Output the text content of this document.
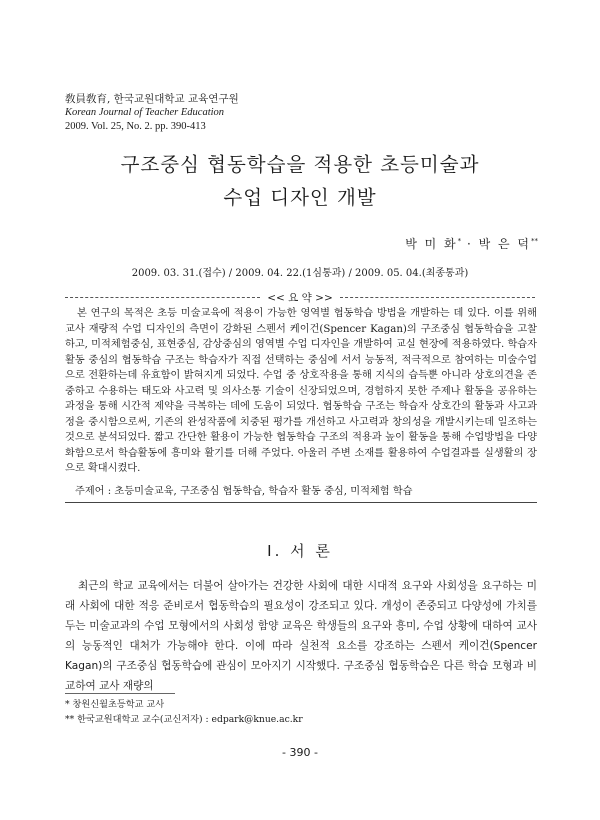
敎員敎育, 한국교원대학교 교육연구원
Korean Journal of Teacher Education
2009. Vol. 25, No. 2. pp. 390-413
구조중심 협동학습을 적용한 초등미술과
수업 디자인 개발
박 미 화* · 박 은 덕**
2009. 03. 31.(접수) / 2009. 04. 22.(1심통과) / 2009. 05. 04.(최종통과)
<< 요 약 >>

본 연구의 목적은 초등 미술교육에 적용이 가능한 영역별 협동학습 방법을 개발하는 데 있다. 이를 위해 교사 재량적 수업 디자인의 측면이 강화된 스펜서 케이건(Spencer Kagan)의 구조중심 협동학습을 고찰하고, 미적체험중심, 표현중심, 감상중심의 영역별 수업 디자인을 개발하여 교실 현장에 적용하였다. 학습자 활동 중심의 협동학습 구조는 학습자가 직접 선택하는 중심에 서서 능동적, 적극적으로 참여하는 미술수업으로 전환하는데 유효함이 밝혀지게 되었다. 수업 중 상호작용을 통해 지식의 습득뿐 아니라 상호의견을 존중하고 수용하는 태도와 사고력 및 의사소통 기술이 신장되었으며, 경험하지 못한 주제나 활동을 공유하는 과정을 통해 시간적 제약을 극복하는 데에 도움이 되었다. 협동학습 구조는 학습자 상호간의 활동과 사고과정을 중시함으로써, 기존의 완성작품에 치중된 평가를 개선하고 사고력과 창의성을 개발시키는데 일조하는 것으로 분석되었다. 짧고 간단한 활용이 가능한 협동학습 구조의 적용과 높이 활동을 통해 수업방법을 다양화함으로서 학습활동에 흥미와 활기를 더해 주었다. 아울러 주변 소재를 활용하여 수업결과를 실생활의 장으로 확대시켰다.

주제어 : 초등미술교육, 구조중심 협동학습, 학습자 활동 중심, 미적체험 학습
Ⅰ. 서 론

최근의 학교 교육에서는 더불어 살아가는 건강한 사회에 대한 시대적 요구와 사회성을 요구하는 미래 사회에 대한 적응 준비로서 협동학습의 필요성이 강조되고 있다. 개성이 존중되고 다양성에 가치를 두는 미술교과의 수업 모형에서의 사회성 함양 교육은 학생들의 요구와 흥미, 수업 상황에 대하여 교사의 능동적인 대처가 가능해야 한다. 이에 따라 실천적 요소를 강조하는 스펜서 케이건(Spencer Kagan)의 구조중심 협동학습에 관심이 모아지기 시작했다. 구조중심 협동학습은 다른 학습 모형과 비교하여 교사 재량의

* 창원신월초등학교 교사
** 한국교원대학교 교수(교신저자) : edpark@knue.ac.kr
- 390 -
